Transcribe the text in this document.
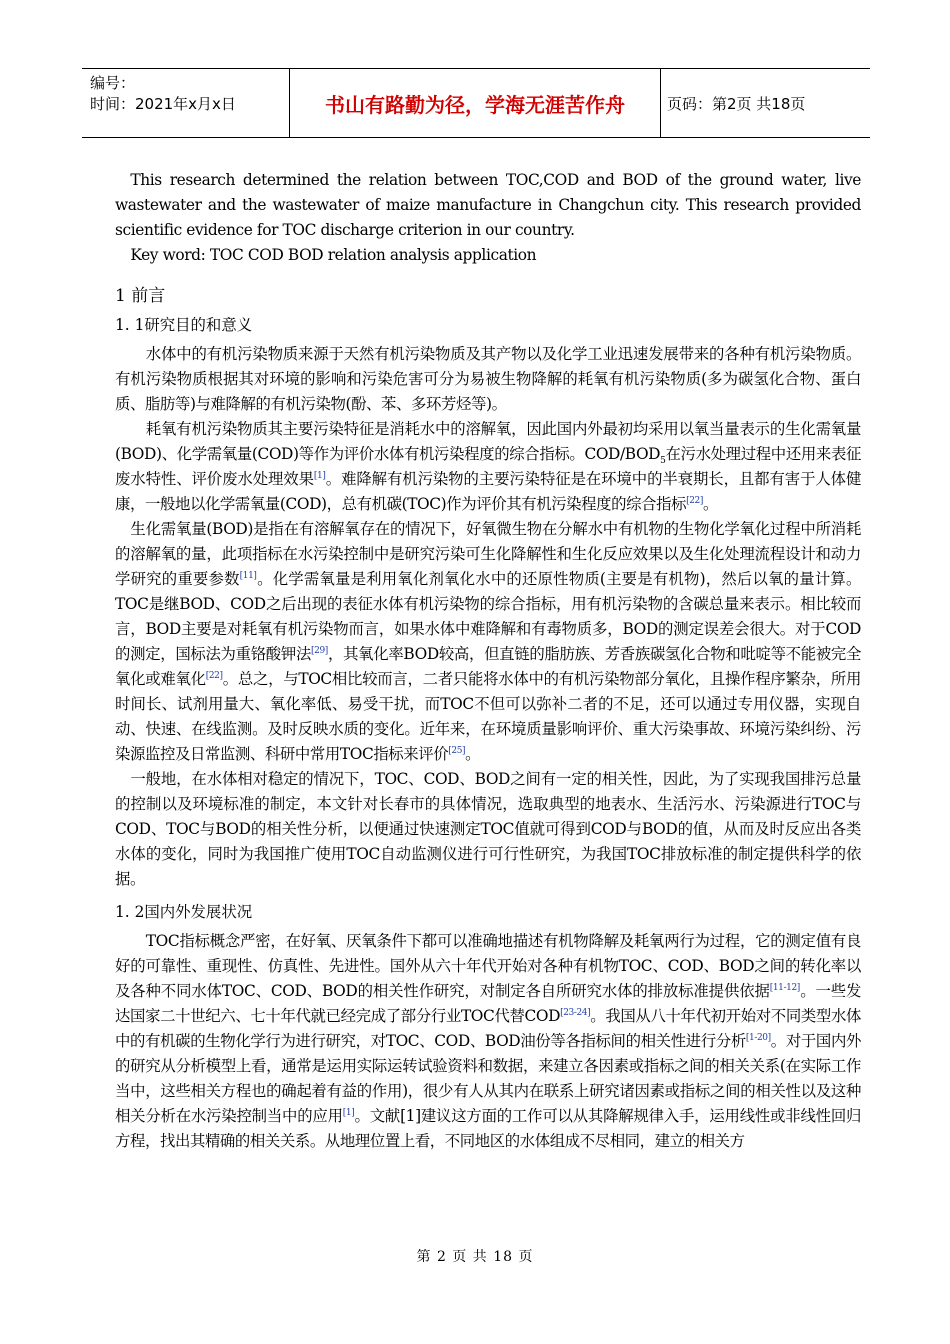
编号：
时间：2021年x月x日	书山有路勤为径，学海无涯苦作舟	页码：第2页 共18页

This research determined the relation between TOC,COD and BOD of the ground water, live wastewater and the wastewater of maize manufacture in Changchun city. This research provided scientific evidence for TOC discharge criterion in our country.

Key word: TOC COD BOD relation analysis application

1 前言
1. 1研究目的和意义

水体中的有机污染物质来源于天然有机污染物质及其产物以及化学工业迅速发展带来的各种有机污染物质。有机污染物质根据其对环境的影响和污染危害可分为易被生物降解的耗氧有机污染物质(多为碳氢化合物、蛋白质、脂肪等)与难降解的有机污染物(酚、苯、多环芳烃等)。

耗氧有机污染物质其主要污染特征是消耗水中的溶解氧，因此国内外最初均采用以氧当量表示的生化需氧量(BOD)、化学需氧量(COD)等作为评价水体有机污染程度的综合指标。COD/$BOD_5$在污水处理过程中还用来表征废水特性、评价废水处理效果[1]。难降解有机污染物的主要污染特征是在环境中的半衰期长，且都有害于人体健康，一般地以化学需氧量(COD)，总有机碳(TOC)作为评价其有机污染程度的综合指标[22]。

生化需氧量(BOD)是指在有溶解氧存在的情况下，好氧微生物在分解水中有机物的生物化学氧化过程中所消耗的溶解氧的量，此项指标在水污染控制中是研究污染可生化降解性和生化反应效果以及生化处理流程设计和动力学研究的重要参数[11]。化学需氧量是利用氧化剂氧化水中的还原性物质(主要是有机物)，然后以氧的量计算。TOC是继BOD、COD之后出现的表征水体有机污染物的综合指标，用有机污染物的含碳总量来表示。相比较而言，BOD主要是对耗氧有机污染物而言，如果水体中难降解和有毒物质多，BOD的测定误差会很大。对于COD的测定，国标法为重铬酸钾法[29]，其氧化率BOD较高，但直链的脂肪族、芳香族碳氢化合物和吡啶等不能被完全氧化或难氧化[22]。总之，与TOC相比较而言，二者只能将水体中的有机污染物部分氧化，且操作程序繁杂，所用时间长、试剂用量大、氧化率低、易受干扰，而TOC不但可以弥补二者的不足，还可以通过专用仪器，实现自动、快速、在线监测。及时反映水质的变化。近年来，在环境质量影响评价、重大污染事故、环境污染纠纷、污染源监控及日常监测、科研中常用TOC指标来评价[25]。

一般地，在水体相对稳定的情况下，TOC、COD、BOD之间有一定的相关性，因此，为了实现我国排污总量的控制以及环境标准的制定，本文针对长春市的具体情况，选取典型的地表水、生活污水、污染源进行TOC与COD、TOC与BOD的相关性分析，以便通过快速测定TOC值就可得到COD与BOD的值，从而及时反应出各类水体的变化，同时为我国推广使用TOC自动监测仪进行可行性研究，为我国TOC排放标准的制定提供科学的依据。

1. 2国内外发展状况

TOC指标概念严密，在好氧、厌氧条件下都可以准确地描述有机物降解及耗氧两行为过程，它的测定值有良好的可靠性、重现性、仿真性、先进性。国外从六十年代开始对各种有机物TOC、COD、BOD之间的转化率以及各种不同水体TOC、COD、BOD的相关性作研究，对制定各自所研究水体的排放标准提供依据[11-12]。一些发达国家二十世纪六、七十年代就已经完成了部分行业TOC代替COD[23-24]。我国从八十年代初开始对不同类型水体中的有机碳的生物化学行为进行研究，对TOC、COD、BOD油份等各指标间的相关性进行分析[1-20]。对于国内外的研究从分析模型上看，通常是运用实际运转试验资料和数据，来建立各因素或指标之间的相关关系(在实际工作当中，这些相关方程也的确起着有益的作用)，很少有人从其内在联系上研究诸因素或指标之间的相关性以及这种相关分析在水污染控制当中的应用[1]。文献[1]建议这方面的工作可以从其降解规律入手，运用线性或非线性回归方程，找出其精确的相关关系。从地理位置上看，不同地区的水体组成不尽相同，建立的相关方

第 2 页 共 18 页
